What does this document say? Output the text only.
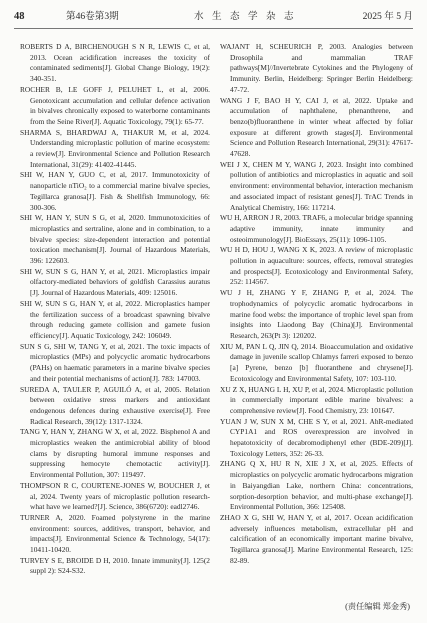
48	第46卷第3期	水 生 态 学 杂 志	2025 年 5 月

ROBERTS D A, BIRCHENOUGH S N R, LEWIS C, et al, 2013. Ocean acidification increases the toxicity of contaminated sediments[J]. Global Change Biology, 19(2): 340-351.

ROCHER B, LE GOFF J, PELUHET L, et al, 2006. Genotoxicant accumulation and cellular defence activation in bivalves chronically exposed to waterborne contaminants from the Seine River[J]. Aquatic Toxicology, 79(1): 65-77.

SHARMA S, BHARDWAJ A, THAKUR M, et al, 2024. Understanding microplastic pollution of marine ecosystem: a review[J]. Environmental Science and Pollution Research International, 31(29): 41402-41445.

SHI W, HAN Y, GUO C, et al, 2017. Immunotoxicity of nanoparticle nTiO₂ to a commercial marine bivalve species, Tegillarca granosa[J]. Fish & Shellfish Immunology, 66: 300-306.

SHI W, HAN Y, SUN S G, et al, 2020. Immunotoxicities of microplastics and sertraline, alone and in combination, to a bivalve species: size-dependent interaction and potential toxication mechanism[J]. Journal of Hazardous Materials, 396: 122603.

SHI W, SUN S G, HAN Y, et al, 2021. Microplastics impair olfactory-mediated behaviors of goldfish Carassius auratus [J]. Journal of Hazardous Materials, 409: 125016.

SHI W, SUN S G, HAN Y, et al, 2022. Microplastics hamper the fertilization success of a broadcast spawning bivalve through reducing gamete collision and gamete fusion efficiency[J]. Aquatic Toxicology, 242: 106049.

SUN S G, SHI W, TANG Y, et al, 2021. The toxic impacts of microplastics (MPs) and polycyclic aromatic hydrocarbons (PAHs) on haematic parameters in a marine bivalve species and their potential mechanisms of action[J]. 783: 147003.

SUREDA A, TAULER P, AGUILÓ A, et al, 2005. Relation between oxidative stress markers and antioxidant endogenous defences during exhaustive exercise[J]. Free Radical Research, 39(12): 1317-1324.

TANG Y, HAN Y, ZHANG W X, et al, 2022. Bisphenol A and microplastics weaken the antimicrobial ability of blood clams by disrupting humoral immune responses and suppressing hemocyte chemotactic activity[J]. Environmental Pollution, 307: 119497.

THOMPSON R C, COURTENE-JONES W, BOUCHER J, et al, 2024. Twenty years of microplastic pollution research-what have we learned?[J]. Science, 386(6720): eadl2746.

TURNER A, 2020. Foamed polystyrene in the marine environment: sources, additives, transport, behavior, and impacts[J]. Environmental Science & Technology, 54(17): 10411-10420.

TURVEY S E, BROIDE D H, 2010. Innate immunity[J]. 125(2 suppl 2): S24-S32.

WAJANT H, SCHEURICH P, 2003. Analogies between Drosophila and mammalian TRAF pathways[M]//Invertebrate Cytokines and the Phylogeny of Immunity. Berlin, Heidelberg: Springer Berlin Heidelberg: 47-72.

WANG J F, BAO H Y, CAI J, et al, 2022. Uptake and accumulation of naphthalene, phenanthrene, and benzo(b)fluoranthene in winter wheat affected by foliar exposure at different growth stages[J]. Environmental Science and Pollution Research International, 29(31): 47617-47628.

WEI J X, CHEN M Y, WANG J, 2023. Insight into combined pollution of antibiotics and microplastics in aquatic and soil environment: environmental behavior, interaction mechanism and associated impact of resistant genes[J]. TrAC Trends in Analytical Chemistry, 166: 117214.

WU H, ARRON J R, 2003. TRAF6, a molecular bridge spanning adaptive immunity, innate immunity and osteoimmunology[J]. BioEssays, 25(11): 1096-1105.

WU H D, HOU J, WANG X K, 2023. A review of microplastic pollution in aquaculture: sources, effects, removal strategies and prospects[J]. Ecotoxicology and Environmental Safety, 252: 114567.

WU J H, ZHANG Y F, ZHANG P, et al, 2024. The trophodynamics of polycyclic aromatic hydrocarbons in marine food webs: the importance of trophic level span from insights into Liaodong Bay (China)[J]. Environmental Research, 263(Pt 3): 120202.

XIU M, PAN L Q, JIN Q, 2014. Bioaccumulation and oxidative damage in juvenile scallop Chlamys farreri exposed to benzo [a] Pyrene, benzo [b] fluoranthene and chrysene[J]. Ecotoxicology and Environmental Safety, 107: 103-110.

XU Z X, HUANG L H, XU P, et al, 2024. Microplastic pollution in commercially important edible marine bivalves: a comprehensive review[J]. Food Chemistry, 23: 101647.

YUAN J W, SUN X M, CHE S Y, et al, 2021. AhR-mediated CYP1A1 and ROS overexpression are involved in hepatotoxicity of decabromodiphenyl ether (BDE-209)[J]. Toxicology Letters, 352: 26-33.

ZHANG Q X, HU R N, XIE J X, et al, 2025. Effects of microplastics on polycyclic aromatic hydrocarbons migration in Baiyangdian Lake, northern China: concentrations, sorption-desorption behavior, and multi-phase exchange[J]. Environmental Pollution, 366: 125408.

ZHAO X G, SHI W, HAN Y, et al, 2017. Ocean acidification adversely influences metabolism, extracellular pH and calcification of an economically important marine bivalve, Tegillarca granosa[J]. Marine Environmental Research, 125: 82-89.

(责任编辑 郑金秀)
